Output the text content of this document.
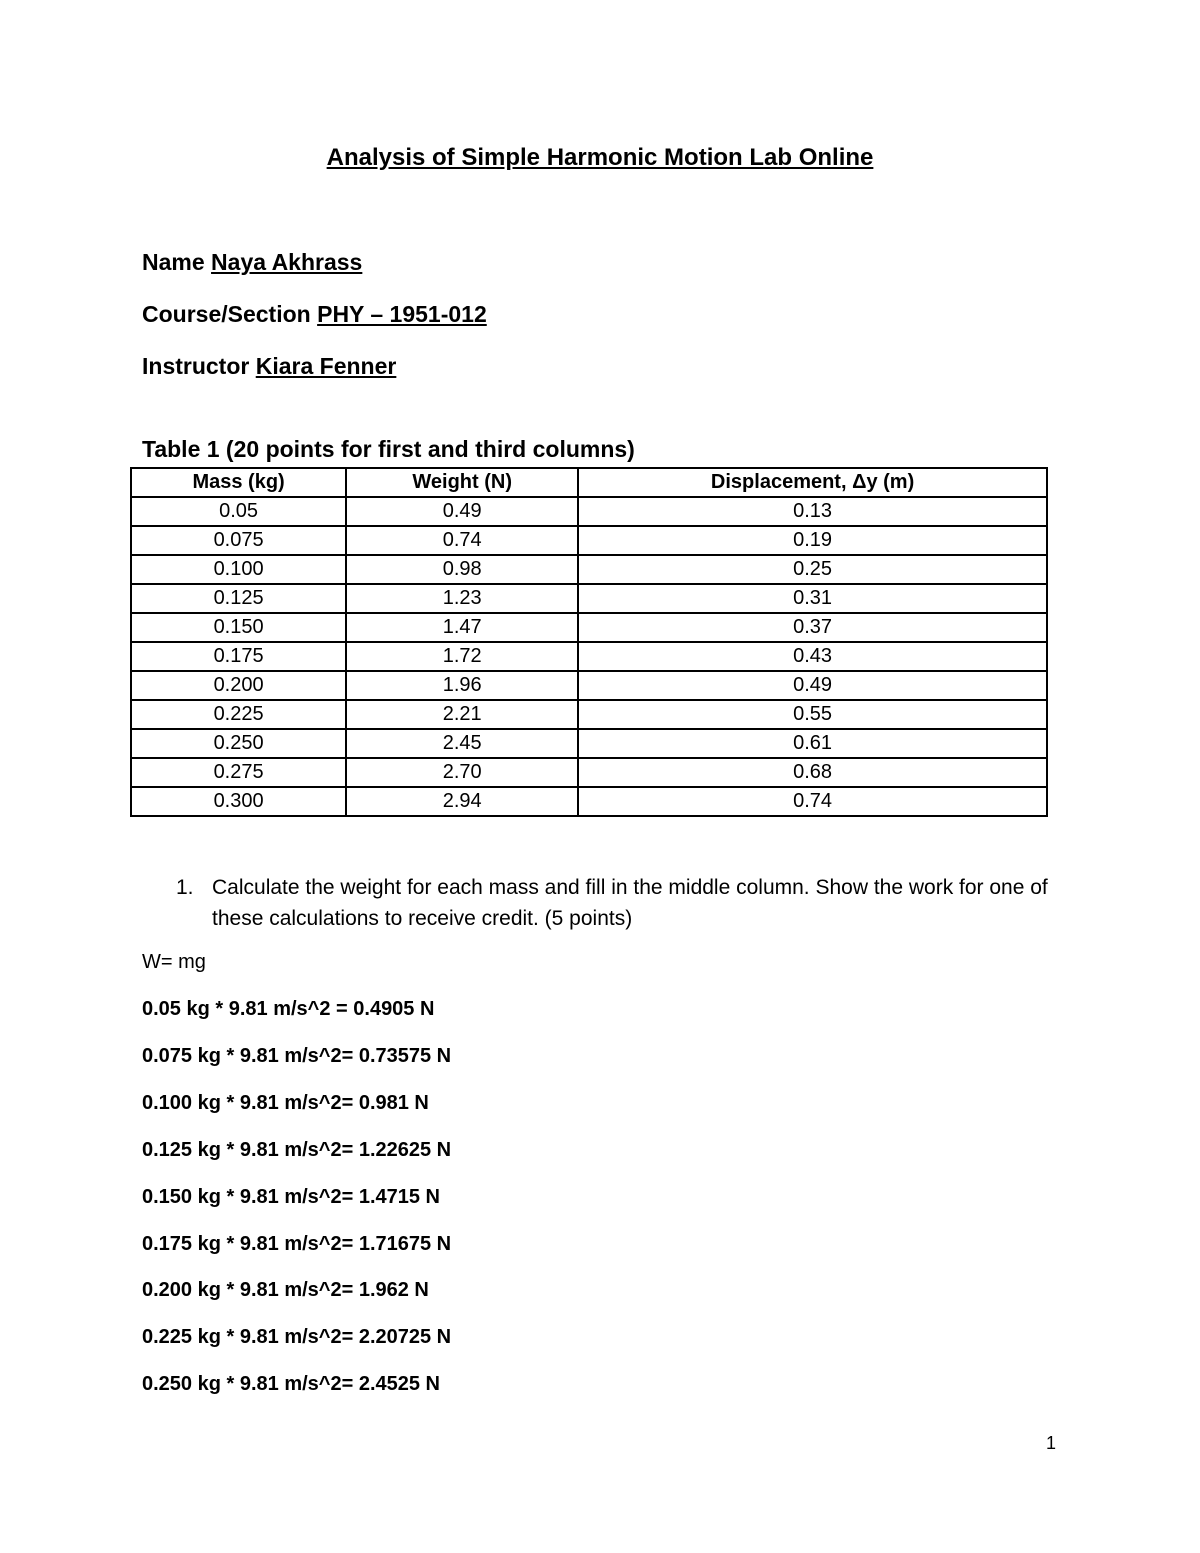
Analysis of Simple Harmonic Motion Lab Online
Name Naya Akhrass
Course/Section PHY – 1951-012
Instructor Kiara Fenner
Table 1 (20 points for first and third columns)
Mass (kg)	Weight (N)	Displacement, Δy (m)
0.05	0.49	0.13
0.075	0.74	0.19
0.100	0.98	0.25
0.125	1.23	0.31
0.150	1.47	0.37
0.175	1.72	0.43
0.200	1.96	0.49
0.225	2.21	0.55
0.250	2.45	0.61
0.275	2.70	0.68
0.300	2.94	0.74
1. Calculate the weight for each mass and fill in the middle column. Show the work for one of these calculations to receive credit. (5 points)
W= mg
0.05 kg * 9.81 m/s^2 = 0.4905 N
0.075 kg * 9.81 m/s^2= 0.73575 N
0.100 kg * 9.81 m/s^2= 0.981 N
0.125 kg * 9.81 m/s^2= 1.22625 N
0.150 kg * 9.81 m/s^2= 1.4715 N
0.175 kg * 9.81 m/s^2= 1.71675 N
0.200 kg * 9.81 m/s^2= 1.962 N
0.225 kg * 9.81 m/s^2= 2.20725 N
0.250 kg * 9.81 m/s^2= 2.4525 N
1
